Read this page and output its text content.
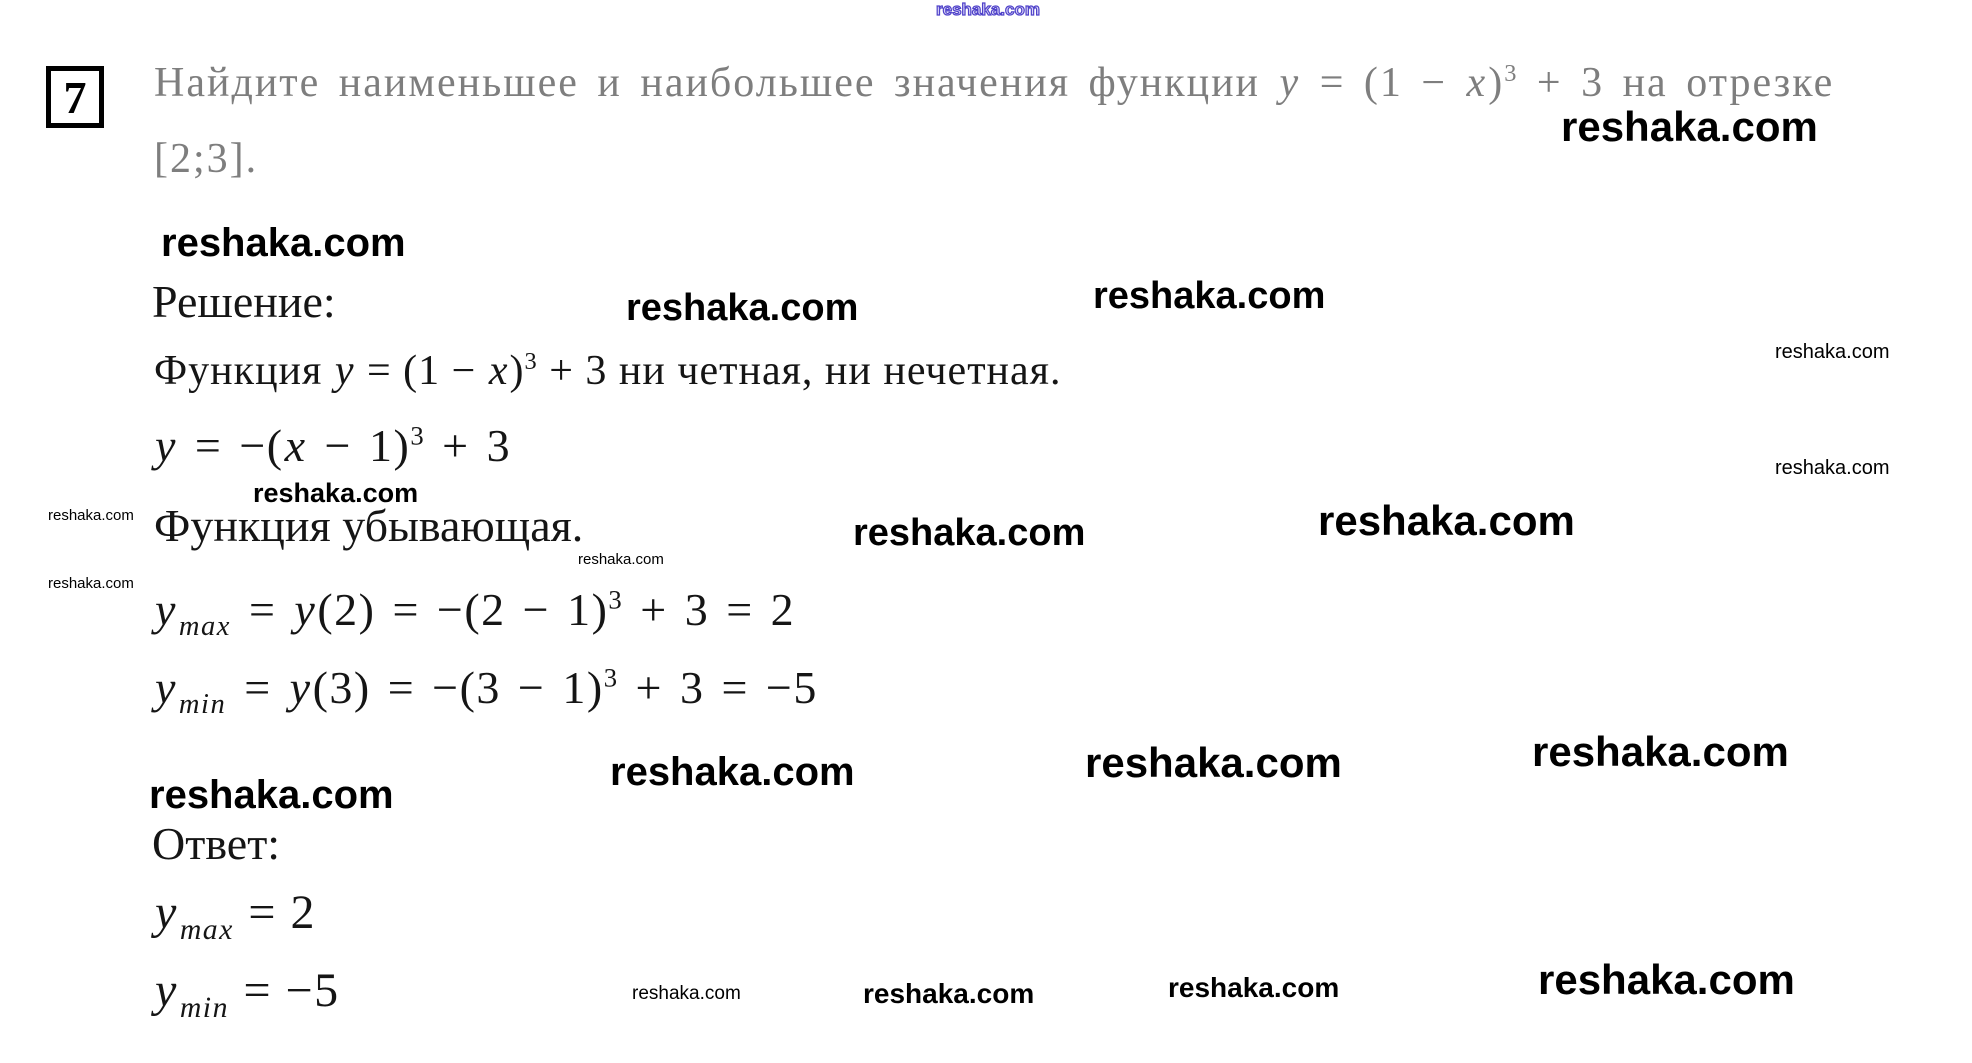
7 Найдите наименьшее и наибольшее значения функции $y = (1 - x)^3 + 3$ на отрезке
[2;3].
Решение:
Функция $y = (1 - x)^3 + 3$ ни четная, ни нечетная.
$y = -(x - 1)^3 + 3$
Функция убывающая.
$y_{max} = y(2) = -(2 - 1)^3 + 3 = 2$
$y_{min} = y(3) = -(3 - 1)^3 + 3 = -5$
Ответ:
$y_{max} = 2$
$y_{min} = -5$
reshaka.com
reshaka.com
reshaka.com
reshaka.com	reshaka.com
reshaka.com
reshaka.com
reshaka.com
reshaka.com
reshaka.com
reshaka.com	reshaka.com
reshaka.com
reshaka.com	reshaka.com	reshaka.com
reshaka.com
reshaka.com	reshaka.com	reshaka.com	reshaka.com
